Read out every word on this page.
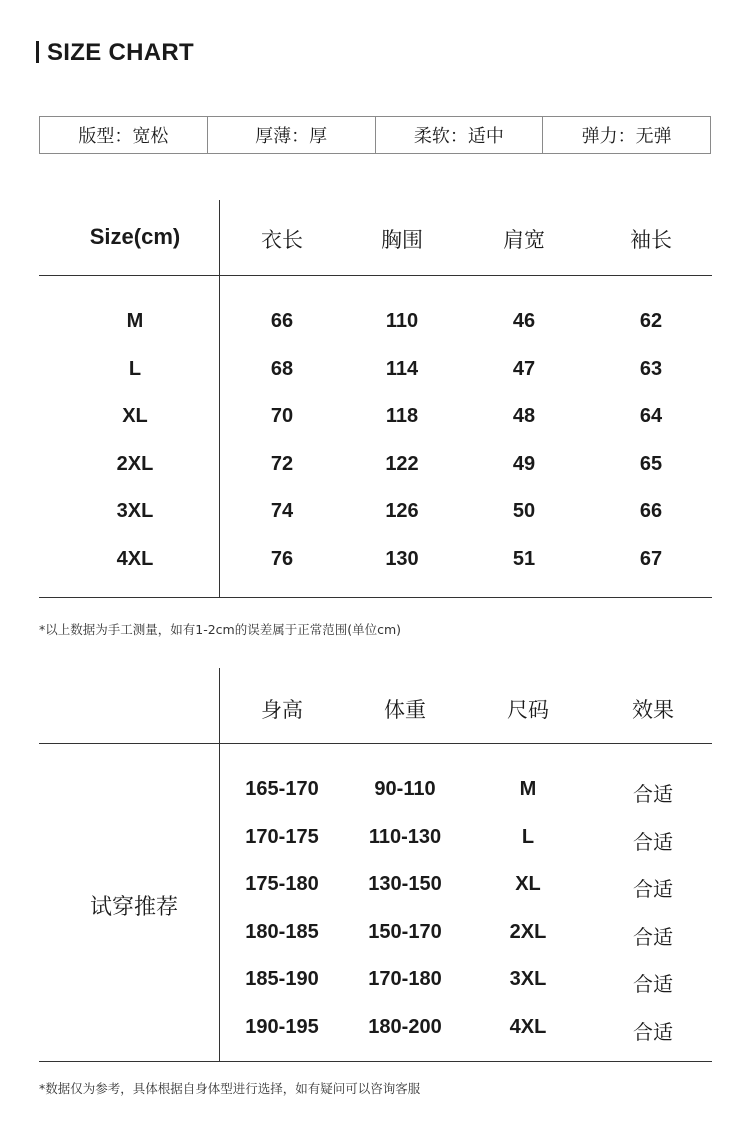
SIZE CHART
版型：宽松	厚薄：厚	柔软：适中	弹力：无弹
Size(cm)	衣长	胸围	肩宽	袖长
M	66	110	46	62
L	68	114	47	63
XL	70	118	48	64
2XL	72	122	49	65
3XL	74	126	50	66
4XL	76	130	51	67
*以上数据为手工测量，如有1-2cm的误差属于正常范围(单位cm)
试穿推荐
身高	体重	尺码	效果
165-170	90-110	M	合适
170-175	110-130	L	合适
175-180	130-150	XL	合适
180-185	150-170	2XL	合适
185-190	170-180	3XL	合适
190-195	180-200	4XL	合适
*数据仅为参考，具体根据自身体型进行选择，如有疑问可以咨询客服
